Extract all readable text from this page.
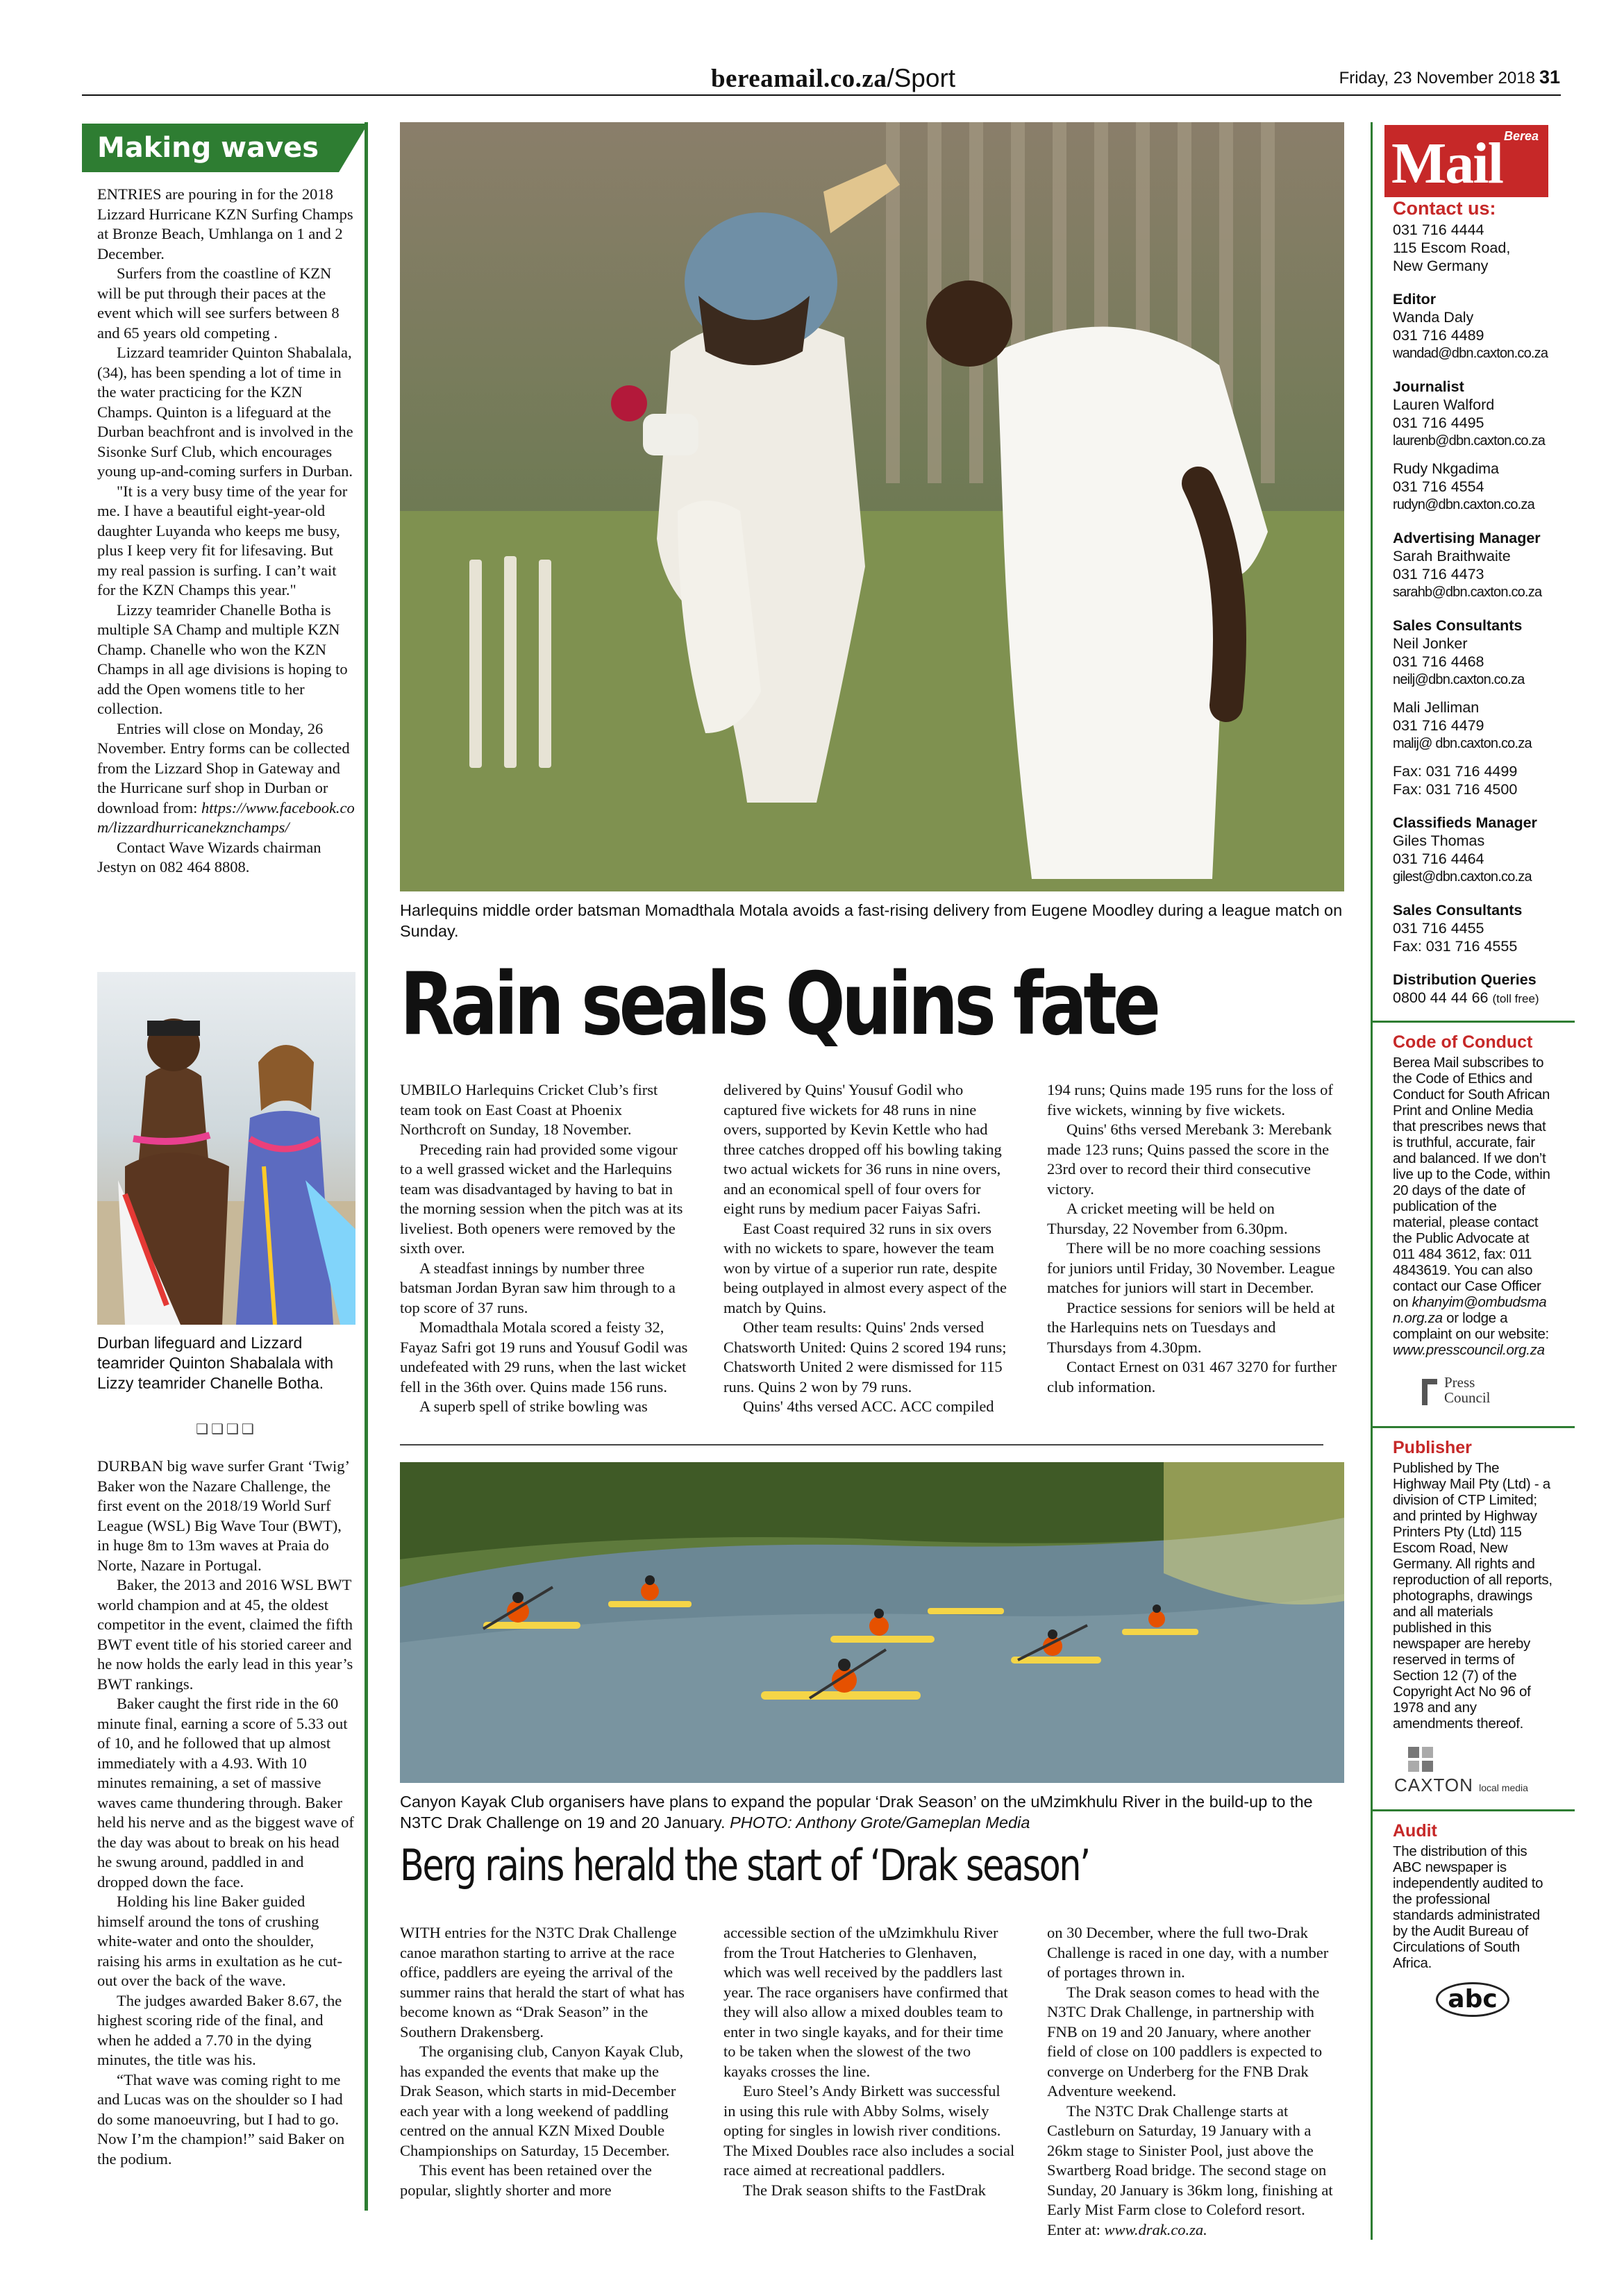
bereamail.co.za/Sport	Friday, 23 November 2018 31
Making waves

ENTRIES are pouring in for the 2018 Lizzard Hurricane KZN Surfing Champs at Bronze Beach, Umhlanga on 1 and 2 December.

Surfers from the coastline of KZN will be put through their paces at the event which will see surfers between 8 and 65 years old competing .

Lizzard teamrider Quinton Shabalala, (34), has been spending a lot of time in the water practicing for the KZN Champs. Quinton is a lifeguard at the Durban beachfront and is involved in the Sisonke Surf Club, which encourages young up-and-coming surfers in Durban.

"It is a very busy time of the year for me. I have a beautiful eight-year-old daughter Luyanda who keeps me busy, plus I keep very fit for lifesaving. But my real passion is surfing. I can’t wait for the KZN Champs this year."

Lizzy teamrider Chanelle Botha is multiple SA Champ and multiple KZN Champ. Chanelle who won the KZN Champs in all age divisions is hoping to add the Open womens title to her collection.

Entries will close on Monday, 26 November. Entry forms can be collected from the Lizzard Shop in Gateway and the Hurricane surf shop in Durban or download from: https://www.facebook.com/lizzardhurricanekznchamps/

Contact Wave Wizards chairman Jestyn on 082 464 8808.

Durban lifeguard and Lizzard teamrider Quinton Shabalala with Lizzy teamrider Chanelle Botha.
❑❑❑❑

DURBAN big wave surfer Grant ‘Twig’ Baker won the Nazare Challenge, the first event on the 2018/19 World Surf League (WSL) Big Wave Tour (BWT), in huge 8m to 13m waves at Praia do Norte, Nazare in Portugal.

Baker, the 2013 and 2016 WSL BWT world champion and at 45, the oldest competitor in the event, claimed the fifth BWT event title of his storied career and he now holds the early lead in this year’s BWT rankings.

Baker caught the first ride in the 60 minute final, earning a score of 5.33 out of 10, and he followed that up almost immediately with a 4.93. With 10 minutes remaining, a set of massive waves came thundering through. Baker held his nerve and as the biggest wave of the day was about to break on his head he swung around, paddled in and dropped down the face.

Holding his line Baker guided himself around the tons of crushing white-water and onto the shoulder, raising his arms in exultation as he cut-out over the back of the wave.

The judges awarded Baker 8.67, the highest scoring ride of the final, and when he added a 7.70 in the dying minutes, the title was his.

“That wave was coming right to me and Lucas was on the shoulder so I had do some manoeuvring, but I had to go. Now I’m the champion!” said Baker on the podium.

Harlequins middle order batsman Momadthala Motala avoids a fast-rising delivery from Eugene Moodley during a league match on Sunday.
Rain seals Quins fate

UMBILO Harlequins Cricket Club’s first team took on East Coast at Phoenix Northcroft on Sunday, 18 November.

Preceding rain had provided some vigour to a well grassed wicket and the Harlequins team was disadvantaged by having to bat in the morning session when the pitch was at its liveliest. Both openers were removed by the sixth over.

A steadfast innings by number three batsman Jordan Byran saw him through to a top score of 37 runs.

Momadthala Motala scored a feisty 32, Fayaz Safri got 19 runs and Yousuf Godil was undefeated with 29 runs, when the last wicket fell in the 36th over. Quins made 156 runs.

A superb spell of strike bowling was

delivered by Quins' Yousuf Godil who captured five wickets for 48 runs in nine overs, supported by Kevin Kettle who had three catches dropped off his bowling taking two actual wickets for 36 runs in nine overs, and an economical spell of four overs for eight runs by medium pacer Faiyas Safri.

East Coast required 32 runs in six overs with no wickets to spare, however the team won by virtue of a superior run rate, despite being outplayed in almost every aspect of the match by Quins.

Other team results: Quins' 2nds versed Chatsworth United: Quins 2 scored 194 runs; Chatsworth United 2 were dismissed for 115 runs. Quins 2 won by 79 runs.

Quins' 4ths versed ACC. ACC compiled

194 runs; Quins made 195 runs for the loss of five wickets, winning by five wickets.

Quins' 6ths versed Merebank 3: Merebank made 123 runs; Quins passed the score in the 23rd over to record their third consecutive victory.

A cricket meeting will be held on Thursday, 22 November from 6.30pm.

There will be no more coaching sessions for juniors until Friday, 30 November. League matches for juniors will start in December.

Practice sessions for seniors will be held at the Harlequins nets on Tuesdays and Thursdays from 4.30pm.

Contact Ernest on 031 467 3270 for further club information.

Canyon Kayak Club organisers have plans to expand the popular ‘Drak Season’ on the uMzimkhulu River in the build-up to the N3TC Drak Challenge on 19 and 20 January. PHOTO: Anthony Grote/Gameplan Media
Berg rains herald the start of ‘Drak season’

WITH entries for the N3TC Drak Challenge canoe marathon starting to arrive at the race office, paddlers are eyeing the arrival of the summer rains that herald the start of what has become known as “Drak Season” in the Southern Drakensberg.

The organising club, Canyon Kayak Club, has expanded the events that make up the Drak Season, which starts in mid-December each year with a long weekend of paddling centred on the annual KZN Mixed Double Championships on Saturday, 15 December.

This event has been retained over the popular, slightly shorter and more

accessible section of the uMzimkhulu River from the Trout Hatcheries to Glenhaven, which was well received by the paddlers last year. The race organisers have confirmed that they will also allow a mixed doubles team to enter in two single kayaks, and for their time to be taken when the slowest of the two kayaks crosses the line.

Euro Steel’s Andy Birkett was successful in using this rule with Abby Solms, wisely opting for singles in lowish river conditions. The Mixed Doubles race also includes a social race aimed at recreational paddlers.

The Drak season shifts to the FastDrak

on 30 December, where the full two-Drak Challenge is raced in one day, with a number of portages thrown in.

The Drak season comes to head with the N3TC Drak Challenge, in partnership with FNB on 19 and 20 January, where another field of close on 100 paddlers is expected to converge on Underberg for the FNB Drak Adventure weekend.

The N3TC Drak Challenge starts at Castleburn on Saturday, 19 January with a 26km stage to Sinister Pool, just above the Swartberg Road bridge. The second stage on Sunday, 20 January is 36km long, finishing at Early Mist Farm close to Coleford resort. Enter at: www.drak.co.za.

Mail Berea
Contact us:
031 716 4444
115 Escom Road,
New Germany
Editor
Wanda Daly
031 716 4489
wandad@dbn.caxton.co.za
Journalist
Lauren Walford
031 716 4495
laurenb@dbn.caxton.co.za
Rudy Nkgadima
031 716 4554
rudyn@dbn.caxton.co.za
Advertising Manager
Sarah Braithwaite
031 716 4473
sarahb@dbn.caxton.co.za
Sales Consultants
Neil Jonker
031 716 4468
neilj@dbn.caxton.co.za
Mali Jelliman
031 716 4479
malij@ dbn.caxton.co.za
Fax: 031 716 4499
Fax: 031 716 4500
Classifieds Manager
Giles Thomas
031 716 4464
gilest@dbn.caxton.co.za
Sales Consultants
031 716 4455
Fax: 031 716 4555
Distribution Queries
0800 44 44 66 (toll free)
Code of Conduct
Berea Mail subscribes to the Code of Ethics and Conduct for South African Print and Online Media that prescribes news that is truthful, accurate, fair and balanced. If we don’t live up to the Code, within 20 days of the date of publication of the material, please contact the Public Advocate at 011 484 3612, fax: 011 4843619. You can also contact our Case Officer on khanyim@ombudsman.org.za or lodge a complaint on our website: www.presscouncil.org.za
Press
Council
Publisher
Published by The Highway Mail Pty (Ltd) - a division of CTP Limited; and printed by Highway Printers Pty (Ltd) 115 Escom Road, New Germany. All rights and reproduction of all reports, photographs, drawings and all materials published in this newspaper are hereby reserved in terms of Section 12 (7) of the Copyright Act No 96 of 1978 and any amendments thereof.
CAXTON local media
Audit
The distribution of this ABC newspaper is independently audited to the professional standards administrated by the Audit Bureau of Circulations of South Africa.
abc
